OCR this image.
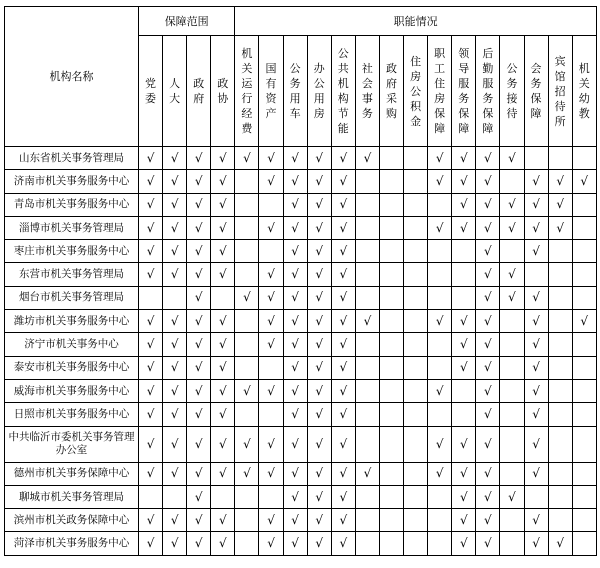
机构名称	保障范围				职能情况														
	党委	人大	政府	政协	机关运行经费	国有资产	公务用车	办公用房	公共机构节能	社会事务	政府采购	住房公积金	职工住房保障	领导服务保障	后勤服务保障	公务接待	会务保障	宾馆招待所	机关幼教
山东省机关事务管理局	√	√	√	√	√	√	√	√	√	√			√	√	√	√			
济南市机关事务服务中心	√	√	√	√		√	√	√	√				√	√	√		√	√	√
青岛市机关事务服务中心	√	√	√	√			√	√	√					√	√	√	√	√	
淄博市机关事务管理局	√	√	√	√		√	√	√	√				√	√	√	√	√	√	
枣庄市机关事务服务中心	√	√	√	√			√	√	√						√		√		
东营市机关事务管理局	√	√	√	√		√	√	√	√						√	√			
烟台市机关事务管理局			√		√	√	√	√	√						√	√	√		
潍坊市机关事务服务中心	√	√	√	√		√	√	√	√	√			√	√	√		√		√
济宁市机关事务中心	√	√	√	√		√	√	√	√					√	√		√		
泰安市机关事务服务中心	√	√	√	√			√	√	√					√	√		√		
威海市机关事务服务中心	√	√	√	√	√	√	√	√	√				√		√		√		
日照市机关事务服务中心	√	√	√	√			√	√	√						√		√		
中共临沂市委机关事务管理办公室	√	√	√	√	√	√	√	√	√				√	√	√		√		
德州市机关事务保障中心	√	√	√	√	√	√	√	√	√	√			√	√	√		√		
聊城市机关事务管理局			√				√	√	√					√	√	√			
滨州市机关政务保障中心	√	√	√	√		√	√	√	√					√	√		√		
菏泽市机关事务服务中心	√	√	√	√		√	√	√	√					√	√		√	√	
